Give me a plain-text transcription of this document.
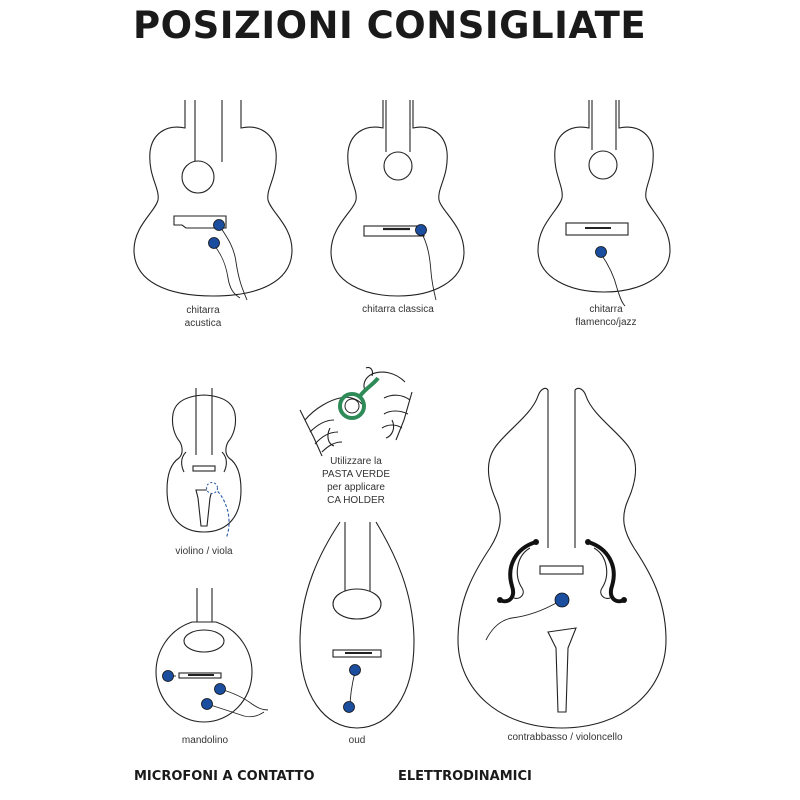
POSIZIONI CONSIGLIATE
chitarra
acustica
chitarra classica	chitarra
flamenco/jazz
violino / viola
Utilizzare la
PASTA VERDE
per applicare
CA HOLDER
mandolino	oud	contrabbasso / violoncello
MICROFONI A CONTATTO	ELETTRODINAMICI
